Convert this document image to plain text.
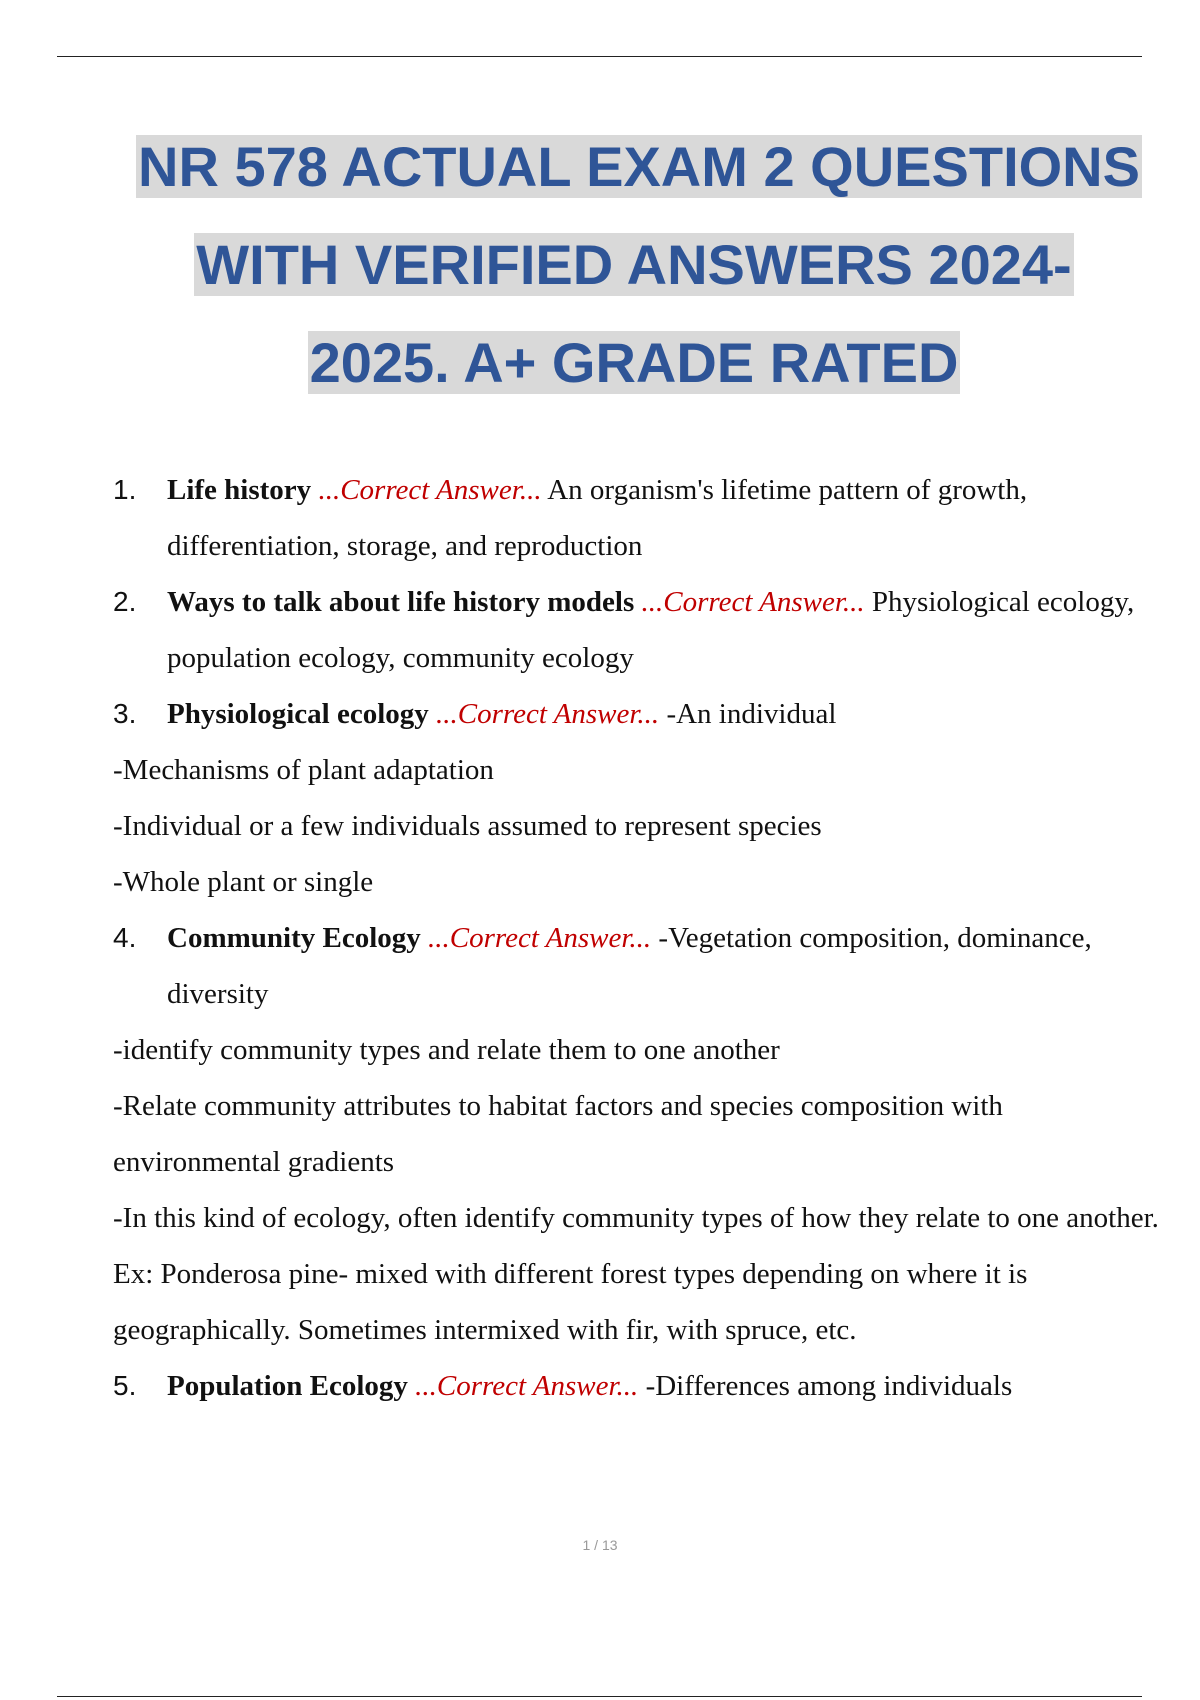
NR 578 ACTUAL EXAM 2 QUESTIONS
WITH VERIFIED ANSWERS 2024-
2025. A+ GRADE RATED
1. Life history ...Correct Answer... An organism's lifetime pattern of growth, differentiation, storage, and reproduction
2. Ways to talk about life history models ...Correct Answer... Physiological ecology, population ecology, community ecology
3. Physiological ecology ...Correct Answer... -An individual
-Mechanisms of plant adaptation
-Individual or a few individuals assumed to represent species
-Whole plant or single
4. Community Ecology ...Correct Answer... -Vegetation composition, dominance, diversity
-identify community types and relate them to one another
-Relate community attributes to habitat factors and species composition with environmental gradients
-In this kind of ecology, often identify community types of how they relate to one another.
Ex: Ponderosa pine- mixed with different forest types depending on where it is geographically. Sometimes intermixed with fir, with spruce, etc.
5. Population Ecology ...Correct Answer... -Differences among individuals
1 / 13
